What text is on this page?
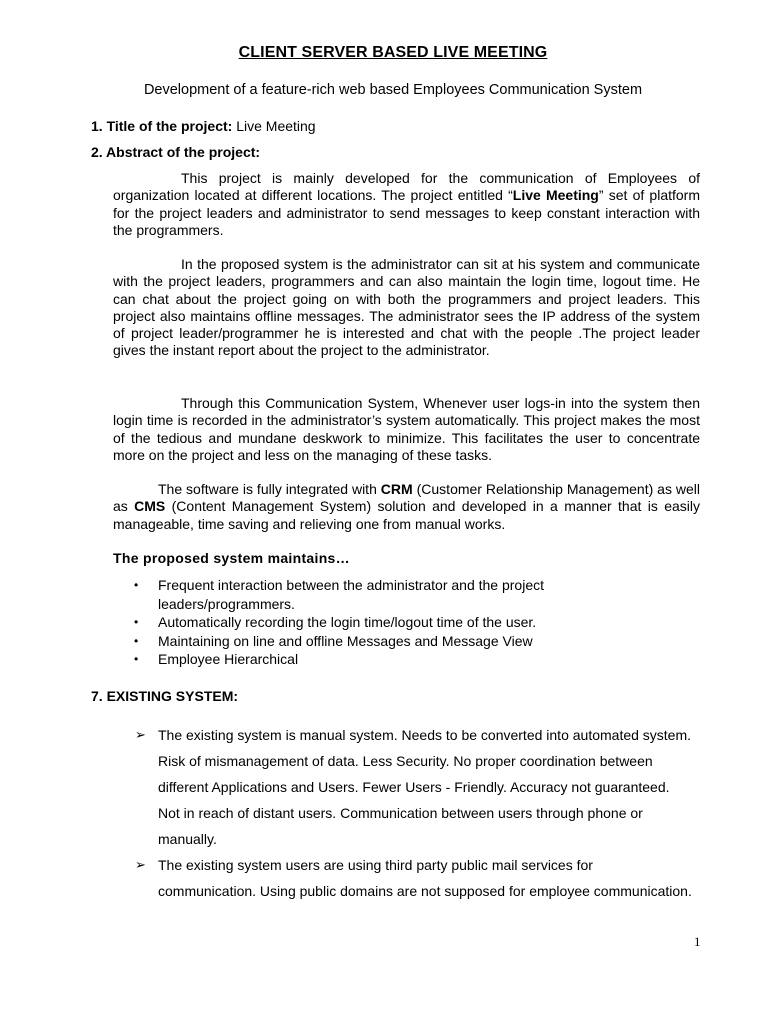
CLIENT SERVER BASED LIVE MEETING
Development of a feature-rich web based Employees Communication System
1. Title of the project: Live Meeting
2. Abstract of the project:
This project is mainly developed for the communication of Employees of organization located at different locations. The project entitled “Live Meeting” set of platform for the project leaders and administrator to send messages to keep constant interaction with the programmers.
In the proposed system is the administrator can sit at his system and communicate with the project leaders, programmers and can also maintain the login time, logout time. He can chat about the project going on with both the programmers and project leaders. This project also maintains offline messages. The administrator sees the IP address of the system of project leader/programmer he is interested and chat with the people .The project leader gives the instant report about the project to the administrator.
Through this Communication System, Whenever user logs-in into the system then login time is recorded in the administrator’s system automatically. This project makes the most of the tedious and mundane deskwork to minimize. This facilitates the user to concentrate more on the project and less on the managing of these tasks.
The software is fully integrated with CRM (Customer Relationship Management) as well as CMS (Content Management System) solution and developed in a manner that is easily manageable, time saving and relieving one from manual works.
The proposed system maintains…
• Frequent interaction between the administrator and the project leaders/programmers.
• Automatically recording the login time/logout time of the user.
• Maintaining on line and offline Messages and Message View
• Employee Hierarchical
7. EXISTING SYSTEM:
➢ The existing system is manual system. Needs to be converted into automated system. Risk of mismanagement of data. Less Security. No proper coordination between different Applications and Users. Fewer Users - Friendly. Accuracy not guaranteed. Not in reach of distant users. Communication between users through phone or manually.
➢ The existing system users are using third party public mail services for communication. Using public domains are not supposed for employee communication.
1
